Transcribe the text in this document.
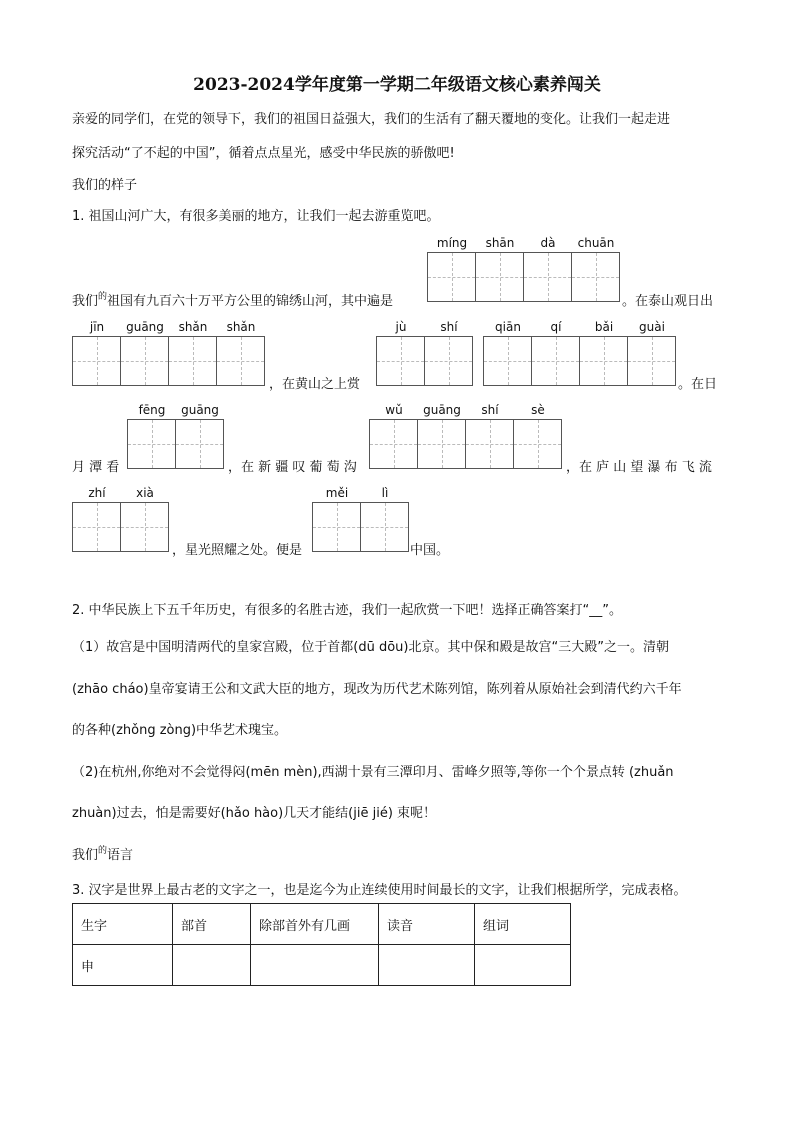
2023-2024学年度第一学期二年级语文核心素养闯关
亲爱的同学们，在党的领导下，我们的祖国日益强大，我们的生活有了翻天覆地的变化。让我们一起走进
探究活动“了不起的中国”，循着点点星光，感受中华民族的骄傲吧!
我们的样子
1. 祖国山河广大，有很多美丽的地方，让我们一起去游重览吧。
我们$^的$祖国有九百六十万平方公里的锦绣山河，其中遍是
míng	shān	dà	chuān
。在泰山观日出
jīn	guāng	shǎn	shǎn
，在黄山之上赏
jù	shí	qiān	qí	bǎi	guài
。在日
月 潭 看
fēng	guāng
，在 新 疆 叹 葡 萄 沟
wǔ	guāng	shí	sè
，在 庐 山 望 瀑 布 飞 流
zhí	xià
，星光照耀之处。便是
měi	lì
中国。
2. 中华民族上下五千年历史，有很多的名胜古迹，我们一起欣赏一下吧！选择正确答案打“__”。
（1）故宫是中国明清两代的皇家宫殿，位于首都(dū dōu)北京。其中保和殿是故宫“三大殿”之一。清朝
(zhāo cháo)皇帝宴请王公和文武大臣的地方，现改为历代艺术陈列馆，陈列着从原始社会到清代约六千年
的各种(zhǒng zòng)中华艺术瑰宝。
（2)在杭州,你绝对不会觉得闷(mēn mèn),西湖十景有三潭印月、雷峰夕照等,等你一个个景点转 (zhuǎn
zhuàn)过去，怕是需要好(hǎo hào)几天才能结(jiē jié) 束呢！
我们$^的$语言
3. 汉字是世界上最古老的文字之一，也是迄今为止连续使用时间最长的文字，让我们根据所学，完成表格。
生字	部首	除部首外有几画	读音	组词
申				
